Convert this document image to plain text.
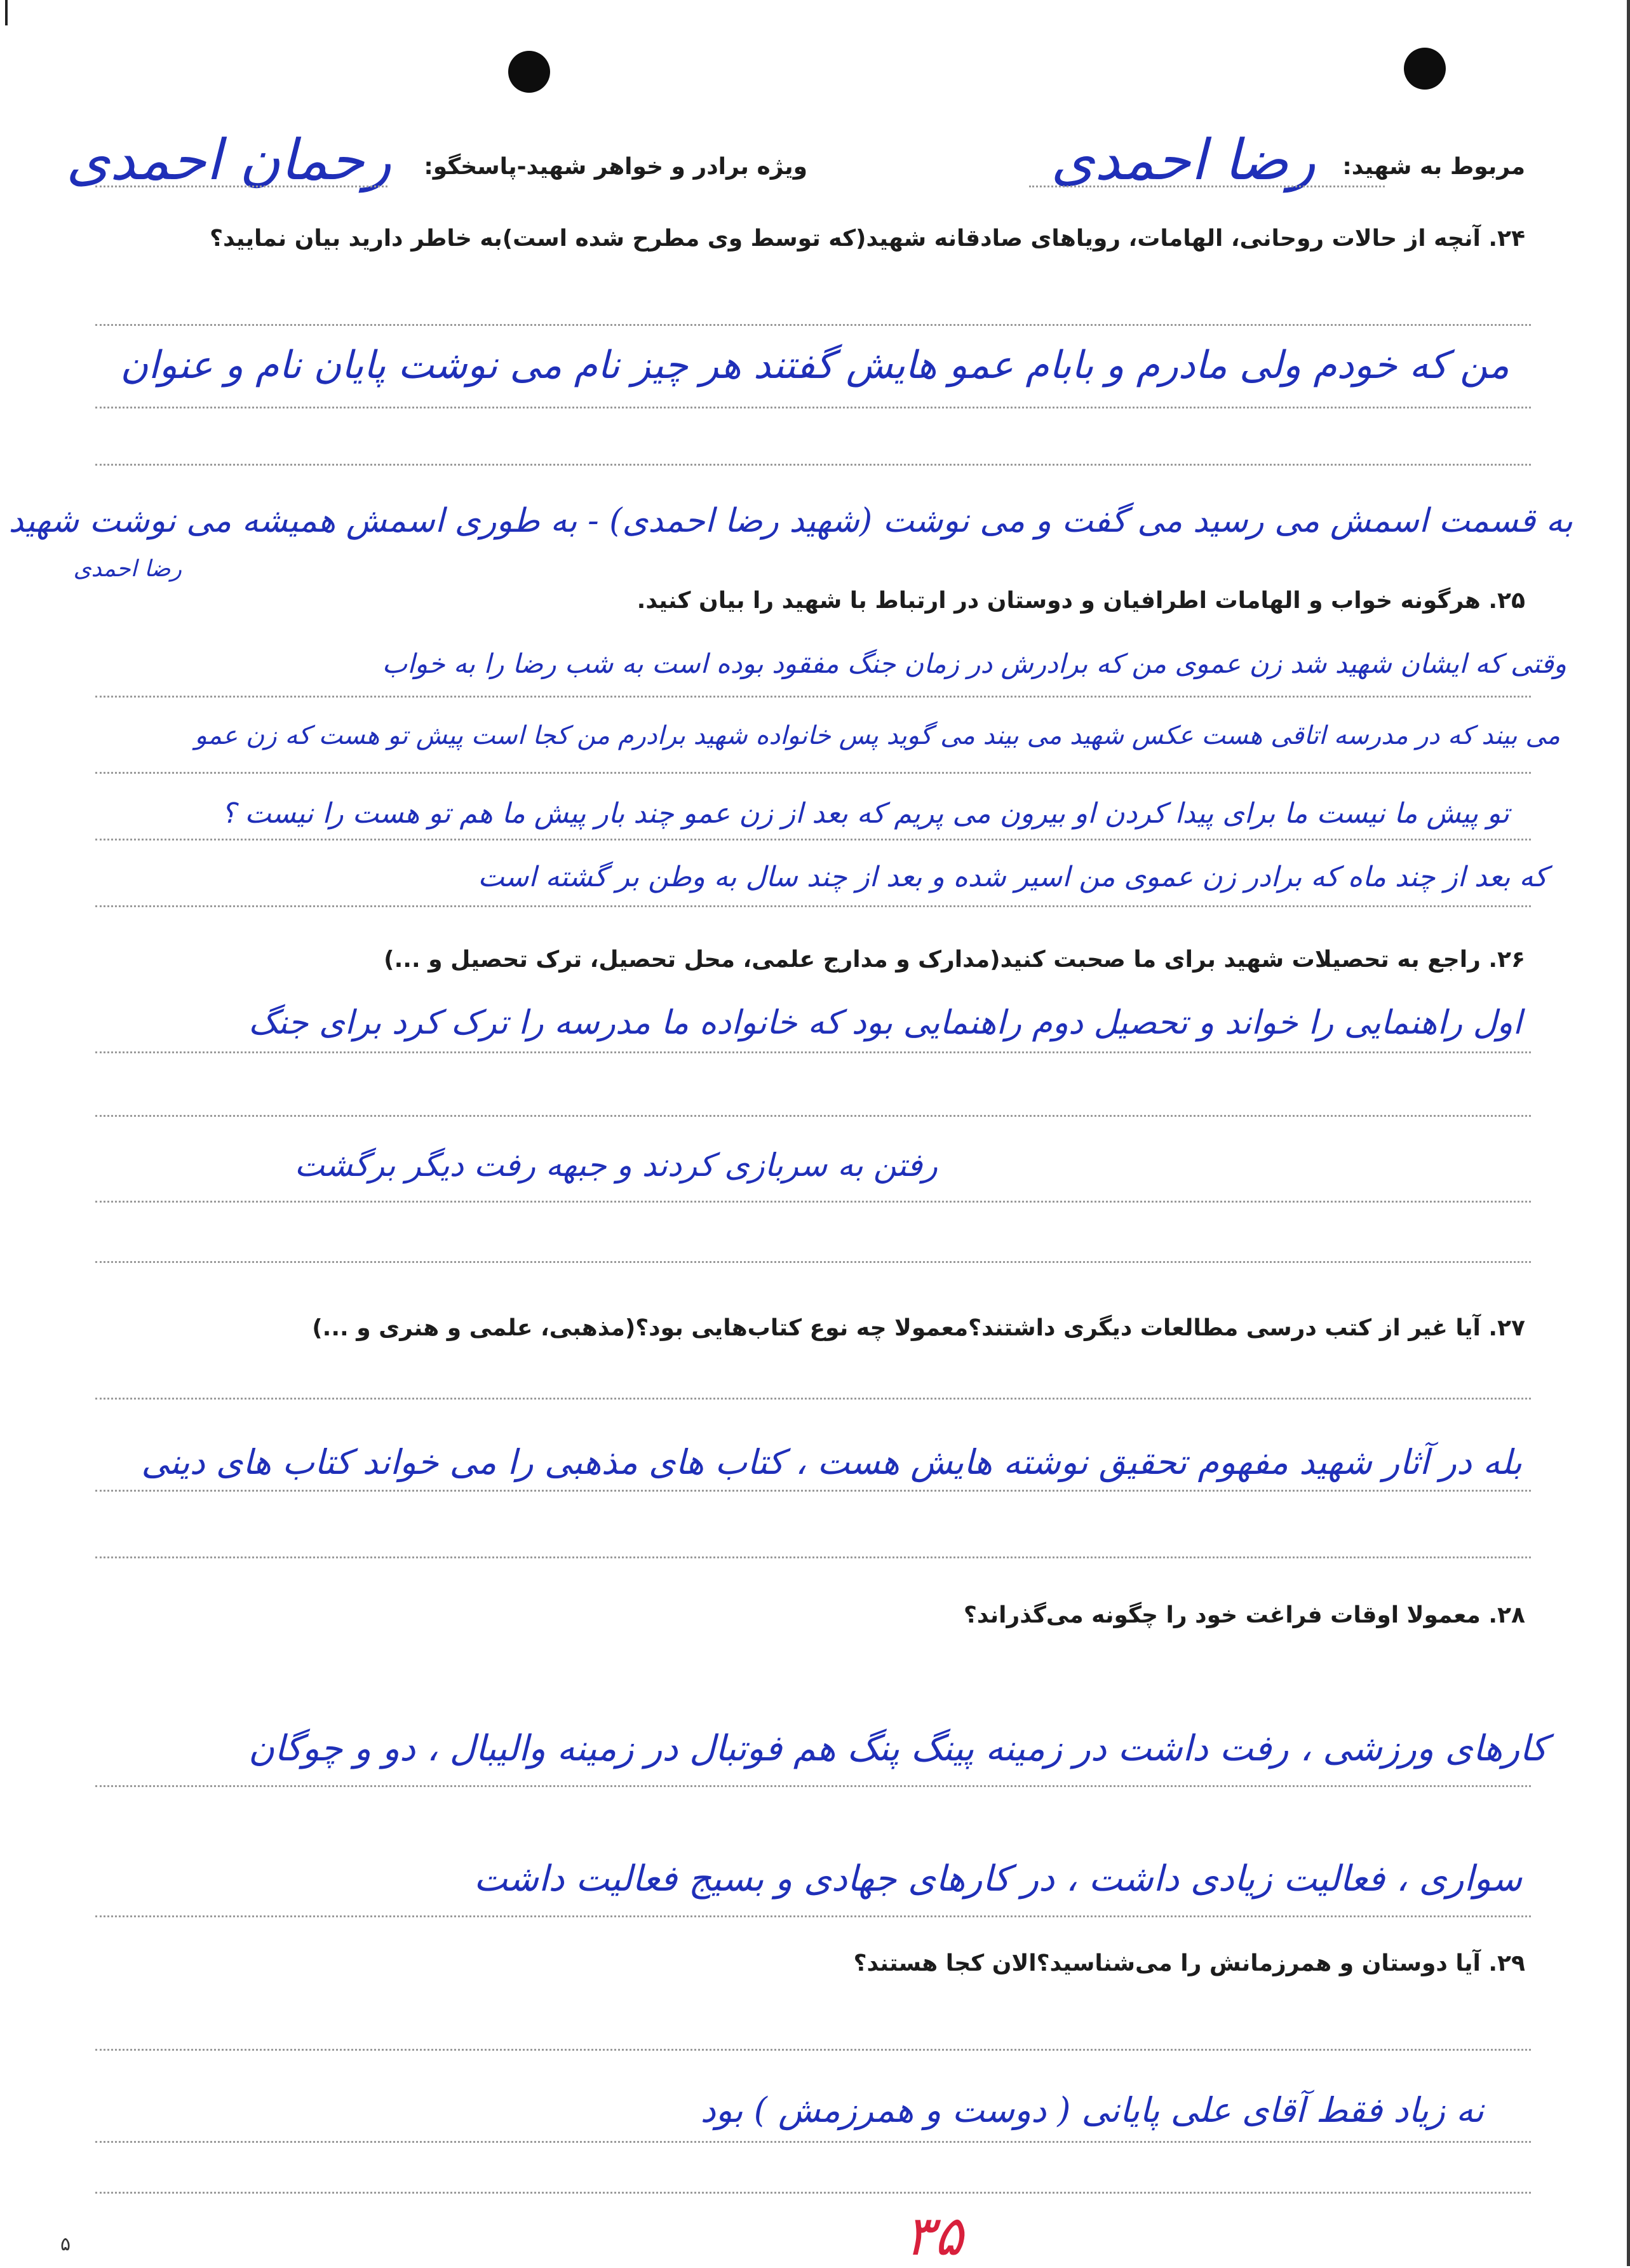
مربوط به شهید:
رضا احمدی
ویژه برادر و خواهر شهید-پاسخگو:
رحمان احمدی
۲۴. آنچه از حالات روحانی، الهامات، رویاهای صادقانه شهید(که توسط وی مطرح شده است)به خاطر دارید بیان نمایید؟
من که خودم ولی مادرم و بابام عمو هایش گفتند هر چیز نام می نوشت پایان نام و عنوان
به قسمت اسمش می رسید می گفت و می نوشت (شهید رضا احمدی) - به طوری اسمش همیشه می نوشت شهید
رضا احمدی
۲۵. هرگونه خواب و الهامات اطرافیان و دوستان در ارتباط با شهید را بیان کنید.
وقتی که ایشان شهید شد زن عموی من که برادرش در زمان جنگ مفقود بوده است به شب رضا را به خواب
می بیند که در مدرسه اتاقی هست عکس شهید می بیند می گوید پس خانواده شهید برادرم من کجا است پیش تو هست که زن عمو
تو پیش ما نیست ما برای پیدا کردن او بیرون می پریم که بعد از زن عمو چند بار پیش ما هم تو هست را نیست ؟
که بعد از چند ماه که برادر زن عموی من اسیر شده و بعد از چند سال به وطن بر گشته است
۲۶. راجع به تحصیلات شهید برای ما صحبت کنید(مدارک و مدارج علمی، محل تحصیل، ترک تحصیل و ...)
اول راهنمایی را خواند و تحصیل دوم راهنمایی بود که خانواده ما مدرسه را ترک کرد برای جنگ
رفتن به سربازی کردند و جبهه رفت دیگر برگشت
۲۷. آیا غیر از کتب درسی مطالعات دیگری داشتند؟معمولا چه نوع کتاب‌هایی بود؟(مذهبی، علمی و هنری و ...)
بله در آثار شهید مفهوم تحقیق نوشته هایش هست ، کتاب های مذهبی را می خواند کتاب های دینی
۲۸. معمولا اوقات فراغت خود را چگونه می‌گذراند؟
کارهای ورزشی ، رفت داشت در زمینه پینگ پنگ هم فوتبال در زمینه والیبال ، دو و چوگان
سواری ، فعالیت زیادی داشت ، در کارهای جهادی و بسیج فعالیت داشت
۲۹. آیا دوستان و همرزمانش را می‌شناسید؟الان کجا هستند؟
نه زیاد فقط آقای علی پایانی ( دوست و همرزمش ) بود
۳۵
۵
